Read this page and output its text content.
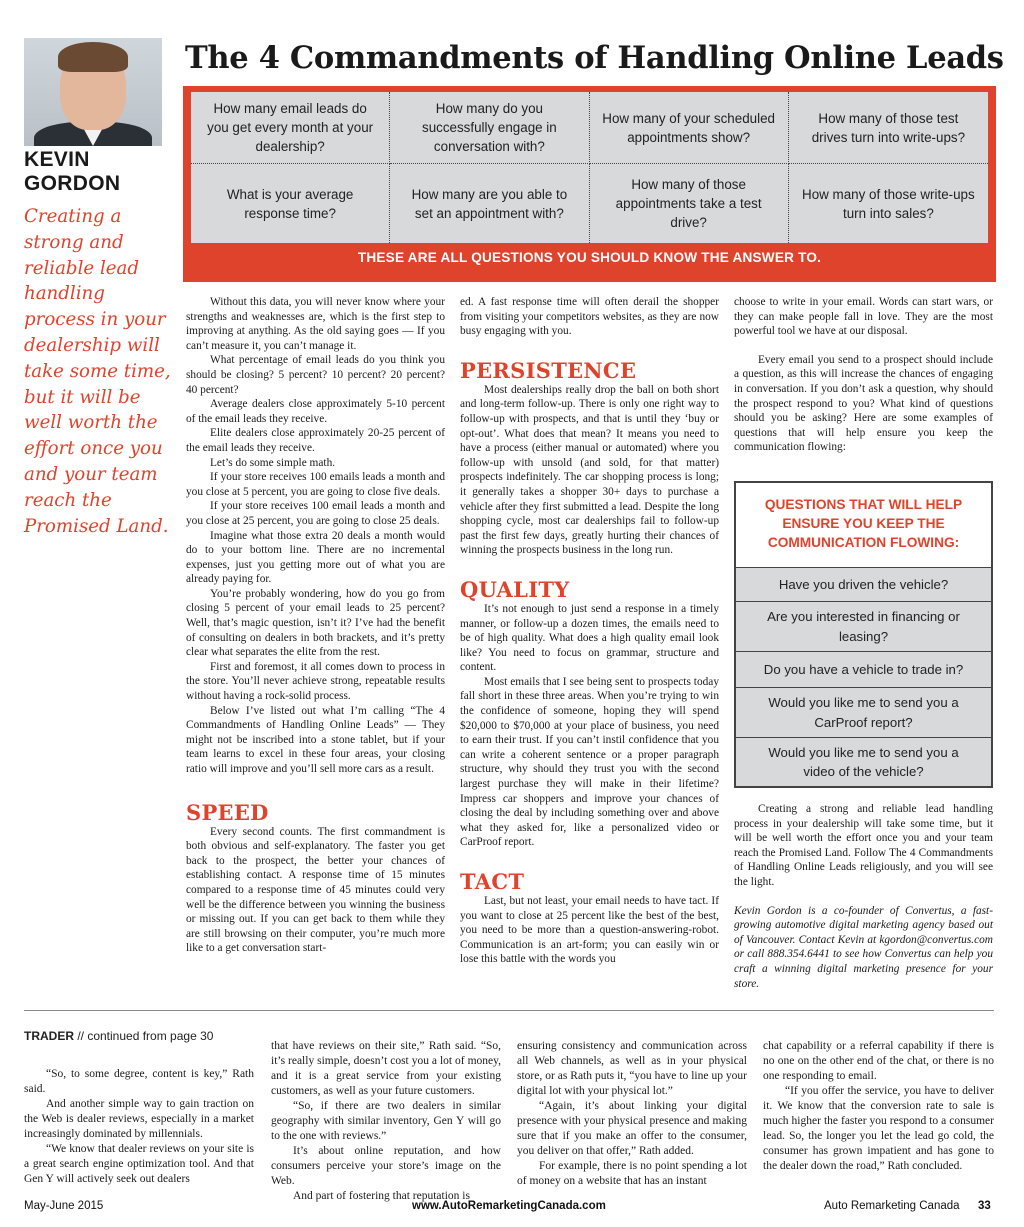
KEVIN
GORDON
Creating a strong and reliable lead handling process in your dealership will take some time, but it will be well worth the effort once you and your team reach the Promised Land.
The 4 Commandments of Handling Online Leads
How many email leads do you get every month at your dealership?
How many do you successfully engage in conversation with?
How many of your scheduled appointments show?
How many of those test drives turn into write-ups?
What is your average response time?
How many are you able to set an appointment with?
How many of those appointments take a test drive?
How many of those write-ups turn into sales?
THESE ARE ALL QUESTIONS YOU SHOULD KNOW THE ANSWER TO.

Without this data, you will never know where your strengths and weaknesses are, which is the first step to improving at anything. As the old saying goes — If you can’t measure it, you can’t manage it.

What percentage of email leads do you think you should be closing? 5 percent? 10 percent? 20 percent? 40 percent?

Average dealers close approximately 5-10 percent of the email leads they receive.

Elite dealers close approximately 20-25 percent of the email leads they receive.

Let’s do some simple math.

If your store receives 100 emails leads a month and you close at 5 percent, you are going to close five deals.

If your store receives 100 email leads a month and you close at 25 percent, you are going to close 25 deals.

Imagine what those extra 20 deals a month would do to your bottom line. There are no incremental expenses, just you getting more out of what you are already paying for.

You’re probably wondering, how do you go from closing 5 percent of your email leads to 25 percent? Well, that’s magic question, isn’t it? I’ve had the benefit of consulting on dealers in both brackets, and it’s pretty clear what separates the elite from the rest.

First and foremost, it all comes down to process in the store. You’ll never achieve strong, repeatable results without having a rock-solid process.

Below I’ve listed out what I’m calling “The 4 Commandments of Handling Online Leads” — They might not be inscribed into a stone tablet, but if your team learns to excel in these four areas, your closing ratio will improve and you’ll sell more cars as a result.

SPEED

Every second counts. The first commandment is both obvious and self-explanatory. The faster you get back to the prospect, the better your chances of establishing contact. A response time of 15 minutes compared to a response time of 45 minutes could very well be the difference between you winning the business or missing out. If you can get back to them while they are still browsing on their computer, you’re much more like to a get conversation start-

ed. A fast response time will often derail the shopper from visiting your competitors websites, as they are now busy engaging with you.

PERSISTENCE

Most dealerships really drop the ball on both short and long-term follow-up. There is only one right way to follow-up with prospects, and that is until they ‘buy or opt-out’. What does that mean? It means you need to have a process (either manual or automated) where you follow-up with unsold (and sold, for that matter) prospects indefinitely. The car shopping process is long; it generally takes a shopper 30+ days to purchase a vehicle after they first submitted a lead. Despite the long shopping cycle, most car dealerships fail to follow-up past the first few days, greatly hurting their chances of winning the prospects business in the long run.

QUALITY

It’s not enough to just send a response in a timely manner, or follow-up a dozen times, the emails need to be of high quality. What does a high quality email look like? You need to focus on grammar, structure and content.

Most emails that I see being sent to prospects today fall short in these three areas. When you’re trying to win the confidence of someone, hoping they will spend $20,000 to $70,000 at your place of business, you need to earn their trust. If you can’t instil confidence that you can write a coherent sentence or a proper paragraph structure, why should they trust you with the second largest purchase they will make in their lifetime? Impress car shoppers and improve your chances of closing the deal by including something over and above what they asked for, like a personalized video or CarProof report.

TACT

Last, but not least, your email needs to have tact. If you want to close at 25 percent like the best of the best, you need to be more than a question-answering-robot. Communication is an art-form; you can easily win or lose this battle with the words you

choose to write in your email. Words can start wars, or they can make people fall in love. They are the most powerful tool we have at our disposal.

Every email you send to a prospect should include a question, as this will increase the chances of engaging in conversation. If you don’t ask a question, why should the prospect respond to you? What kind of questions should you be asking? Here are some examples of questions that will help ensure you keep the communication flowing:

QUESTIONS THAT WILL HELP ENSURE YOU KEEP THE COMMUNICATION FLOWING:
Have you driven the vehicle?
Are you interested in financing or leasing?
Do you have a vehicle to trade in?
Would you like me to send you a CarProof report?
Would you like me to send you a video of the vehicle?

Creating a strong and reliable lead handling process in your dealership will take some time, but it will be well worth the effort once you and your team reach the Promised Land. Follow The 4 Commandments of Handling Online Leads religiously, and you will see the light.

Kevin Gordon is a co-founder of Convertus, a fast-growing automotive digital marketing agency based out of Vancouver. Contact Kevin at kgordon@convertus.com or call 888.354.6441 to see how Convertus can help you craft a winning digital marketing presence for your store.

TRADER // continued from page 30

“So, to some degree, content is key,” Rath said.

And another simple way to gain traction on the Web is dealer reviews, especially in a market increasingly dominated by millennials.

“We know that dealer reviews on your site is a great search engine optimization tool. And that Gen Y will actively seek out dealers

that have reviews on their site,” Rath said. “So, it’s really simple, doesn’t cost you a lot of money, and it is a great service from your existing customers, as well as your future customers.

“So, if there are two dealers in similar geography with similar inventory, Gen Y will go to the one with reviews.”

It’s about online reputation, and how consumers perceive your store’s image on the Web.

And part of fostering that reputation is

ensuring consistency and communication across all Web channels, as well as in your physical store, or as Rath puts it, “you have to line up your digital lot with your physical lot.”

“Again, it’s about linking your digital presence with your physical presence and making sure that if you make an offer to the consumer, you deliver on that offer,” Rath added.

For example, there is no point spending a lot of money on a website that has an instant

chat capability or a referral capability if there is no one on the other end of the chat, or there is no one responding to email.

“If you offer the service, you have to deliver it. We know that the conversion rate to sale is much higher the faster you respond to a consumer lead. So, the longer you let the lead go cold, the consumer has grown impatient and has gone to the dealer down the road,” Rath concluded.

May-June 2015	www.AutoRemarketingCanada.com	Auto Remarketing Canada 33
